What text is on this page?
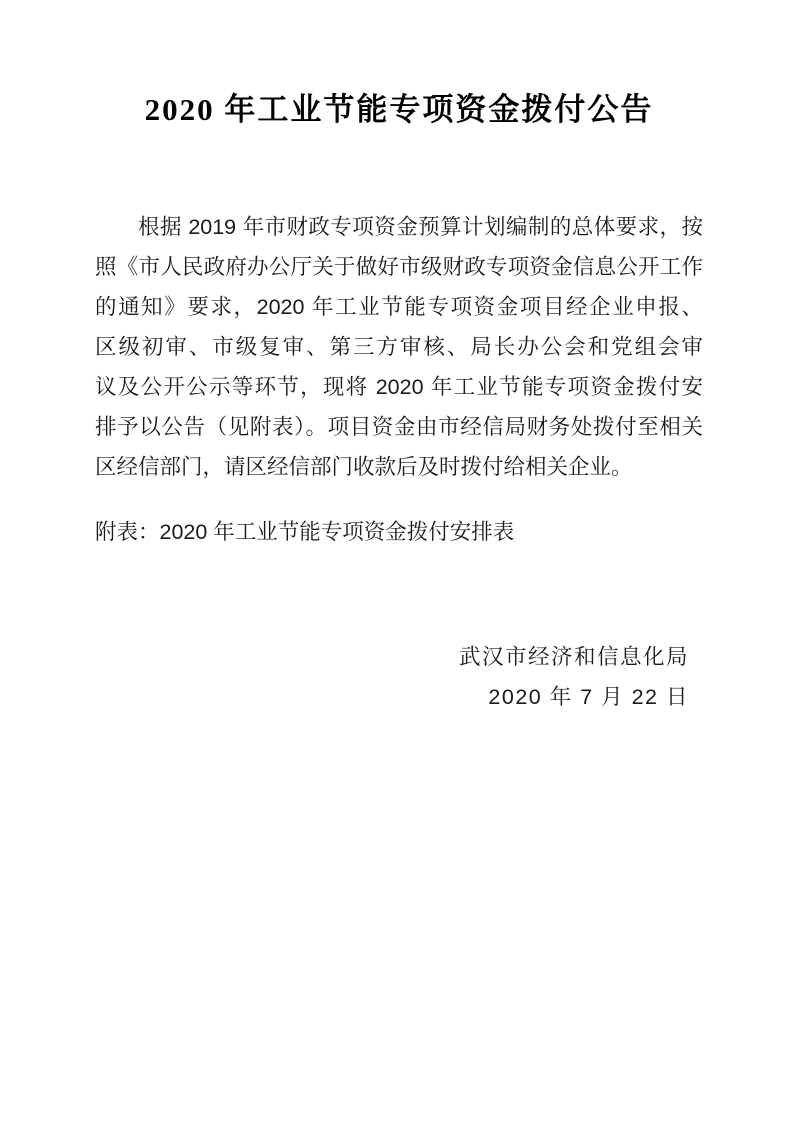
2020 年工业节能专项资金拨付公告
根据 2019 年市财政专项资金预算计划编制的总体要求，按
照《市人民政府办公厅关于做好市级财政专项资金信息公开工作
的通知》要求，2020 年工业节能专项资金项目经企业申报、
区级初审、市级复审、第三方审核、局长办公会和党组会审
议及公开公示等环节，现将 2020 年工业节能专项资金拨付安
排予以公告（见附表）。项目资金由市经信局财务处拨付至相关
区经信部门，请区经信部门收款后及时拨付给相关企业。
附表：2020 年工业节能专项资金拨付安排表
武汉市经济和信息化局
2020 年 7 月 22 日
